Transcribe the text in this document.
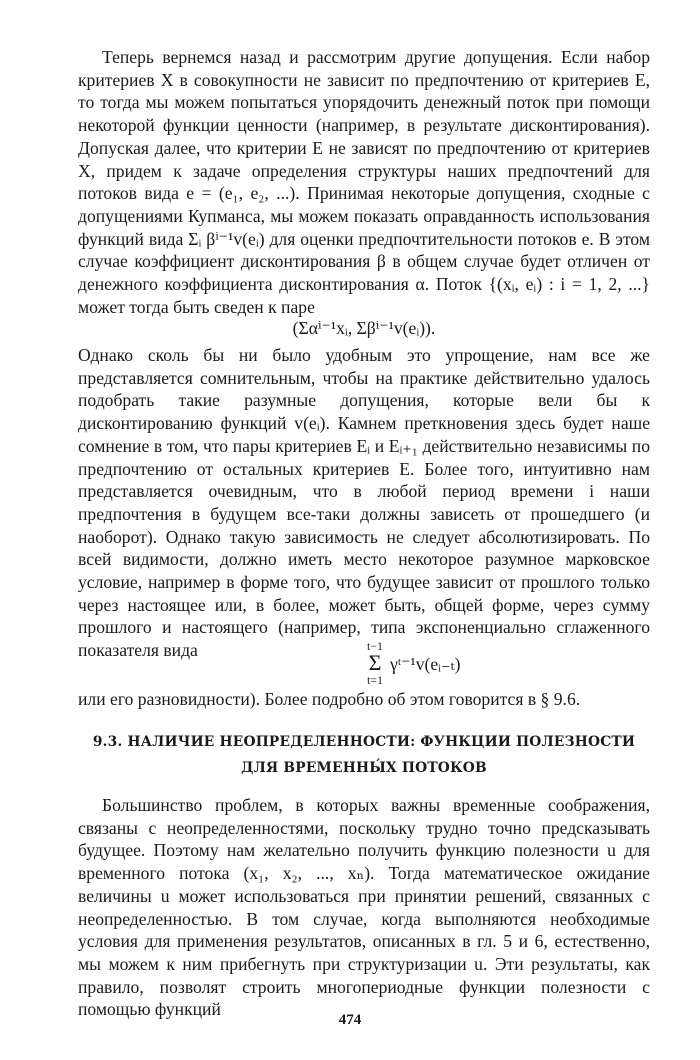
Теперь вернемся назад и рассмотрим другие допущения. Если набор критериев X в совокупности не зависит по предпочтению от критериев E, то тогда мы можем попытаться упорядочить денежный поток при помощи некоторой функции ценности (например, в результате дисконтирования). Допуская далее, что критерии E не зависят по предпочтению от критериев X, придем к задаче определения структуры наших предпочтений для потоков вида e = (e₁, e₂, ...). Принимая некоторые допущения, сходные с допущениями Купманса, мы можем показать оправданность использования функций вида Σᵢ βⁱ⁻¹v(eᵢ) для оценки предпочтительности потоков e. В этом случае коэффициент дисконтирования β в общем случае будет отличен от денежного коэффициента дисконтирования α. Поток {(xᵢ, eᵢ) : i = 1, 2, ...} может тогда быть сведен к паре
(Σαⁱ⁻¹xᵢ, Σβⁱ⁻¹v(eᵢ)).
Однако сколь бы ни было удобным это упрощение, нам все же представляется сомнительным, чтобы на практике действительно удалось подобрать такие разумные допущения, которые вели бы к дисконтированию функций v(eᵢ). Камнем преткновения здесь будет наше сомнение в том, что пары критериев Eᵢ и Eᵢ₊₁ действительно независимы по предпочтению от остальных критериев E. Более того, интуитивно нам представляется очевидным, что в любой период времени i наши предпочтения в будущем все-таки должны зависеть от прошедшего (и наоборот). Однако такую зависимость не следует абсолютизировать. По всей видимости, должно иметь место некоторое разумное марковское условие, например в форме того, что будущее зависит от прошлого только через настоящее или, в более, может быть, общей форме, через сумму прошлого и настоящего (например, типа экспоненциально сглаженного показателя вида	t−1
Σ
t=1
γᵗ⁻¹v(eᵢ₋ₜ)
или его разновидности). Более подробно об этом говорится в § 9.6.
9.3. НАЛИЧИЕ НЕОПРЕДЕЛЕННОСТИ: ФУНКЦИИ ПОЛЕЗНОСТИ
ДЛЯ ВРЕМЕННЫ́Х ПОТОКОВ
Большинство проблем, в которых важны временные соображения, связаны с неопределенностями, поскольку трудно точно предсказывать будущее. Поэтому нам желательно получить функцию полезности u для временного потока (x₁, x₂, ..., xₙ). Тогда математическое ожидание величины u может использоваться при принятии решений, связанных с неопределенностью. В том случае, когда выполняются необходимые условия для применения результатов, описанных в гл. 5 и 6, естественно, мы можем к ним прибегнуть при структуризации u. Эти результаты, как правило, позволят строить многопериодные функции полезности с помощью функций
474
